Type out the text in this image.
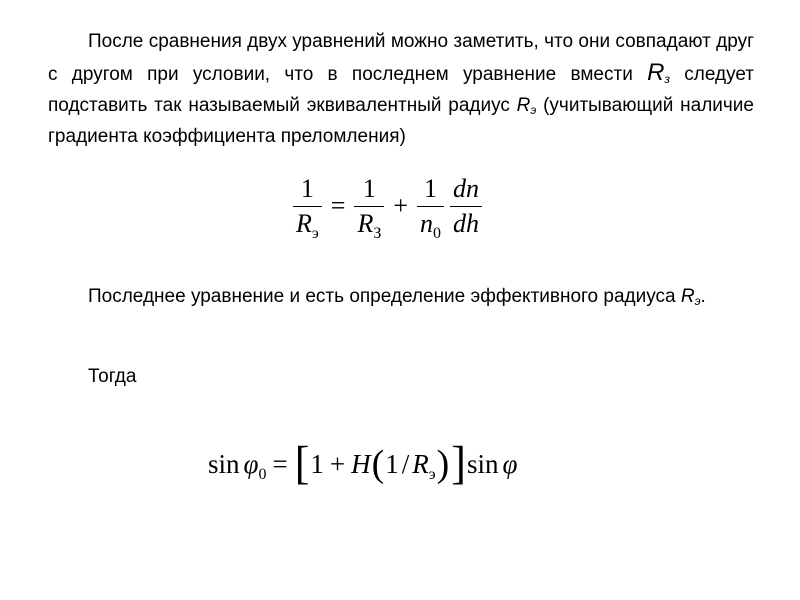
После сравнения двух уравнений можно заметить, что они совпадают друг с другом при условии, что в последнем уравнение вмести $R_з$ следует подставить так называемый эквивалентный радиус $R_э$ (учитывающий наличие градиента коэффициента преломления)

$\frac{1}{R_э} = \frac{1}{R_З} + \frac{1}{n_0} \frac{dn}{dh}$

Последнее уравнение и есть определение эффективного радиуса $R_э$.

Тогда

$\sin \varphi_0$ = [ 1 + H ( $1 / R_э$ ) ] sin φ
